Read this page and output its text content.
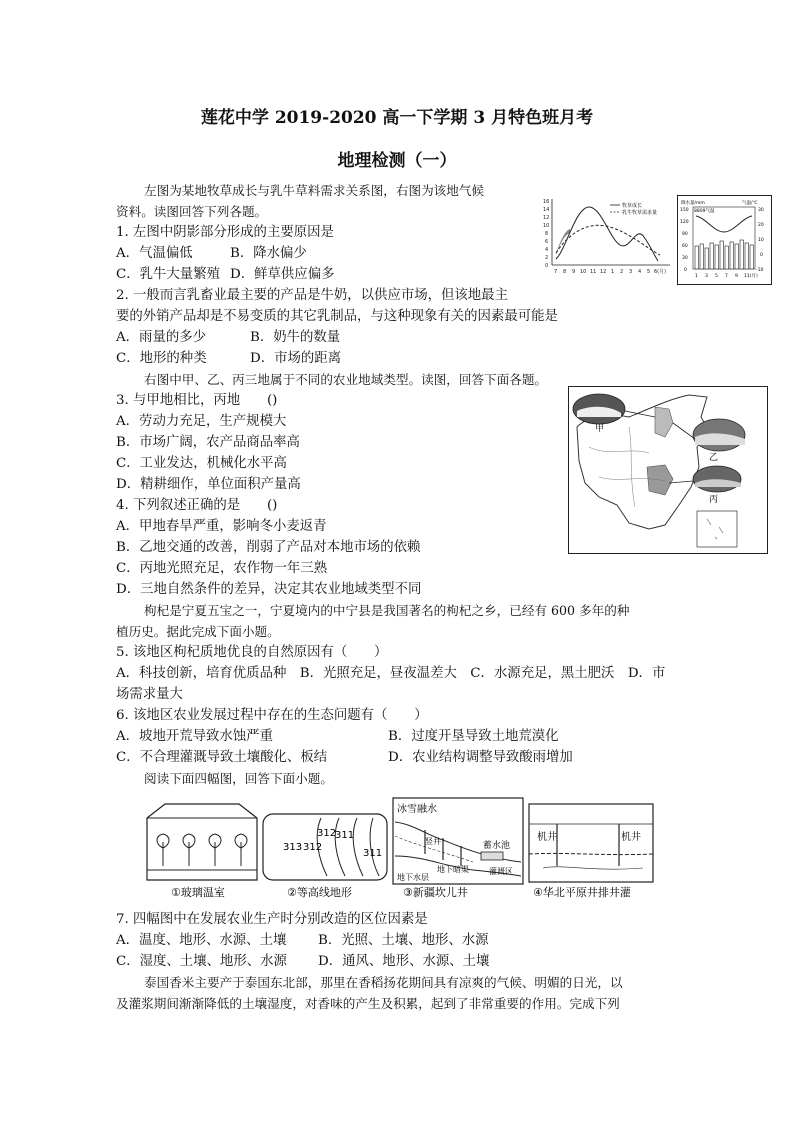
莲花中学 2019-2020 高一下学期 3 月特色班月考
地理检测（一）
左图为某地牧草成长与乳牛草料需求关系图，右图为该地气候
资料。读图回答下列各题。
1. 左图中阴影部分形成的主要原因是
A．气温偏低	B．降水偏少
C．乳牛大量繁殖 D．鲜草供应偏多
2. 一般而言乳畜业最主要的产品是牛奶，以供应市场，但该地最主
要的外销产品却是不易变质的其它乳制品，与这种现象有关的因素最可能是
A．雨量的多少	B．奶牛的数量
C．地形的种类	D．市场的距离
右图中甲、乙、丙三地属于不同的农业地域类型。读图，回答下面各题。
3. 与甲地相比，丙地　　()
A．劳动力充足，生产规模大
B．市场广阔，农产品商品率高
C．工业发达，机械化水平高
D．精耕细作，单位面积产量高
4. 下列叙述正确的是　　()
A．甲地春旱严重，影响冬小麦返青
B．乙地交通的改善，削弱了产品对本地市场的依赖
C．丙地光照充足，农作物一年三熟
D．三地自然条件的差异，决定其农业地域类型不同
枸杞是宁夏五宝之一，宁夏境内的中宁县是我国著名的枸杞之乡，已经有 600 多年的种
植历史。据此完成下面小题。
5. 该地区枸杞质地优良的自然原因有（　　）
A．科技创新，培育优质品种　B．光照充足，昼夜温差大　C．水源充足，黑土肥沃　D．市
场需求量大
6. 该地区农业发展过程中存在的生态问题有（　　）
A．坡地开荒导致水蚀严重	B．过度开垦导致土地荒漠化
C．不合理灌溉导致土壤酸化、板结	D．农业结构调整导致酸雨增加
阅读下面四幅图，回答下面小题。
7. 四幅图中在发展农业生产时分别改造的区位因素是
A．温度、地形、水源、土壤 B．光照、土壤、地形、水源
C．湿度、土壤、地形、水源 D．通风、地形、水源、土壤
泰国香米主要产于泰国东北部，那里在香稻扬花期间具有凉爽的气候、明媚的日光，以
及灌浆期间渐渐降低的土壤湿度，对香味的产生及积累，起到了非常重要的作用。完成下列
16
14
12
10
8
6
4
2
0
牧草成长
乳牛牧草需求量
7 8 9 10 11 12 1 2 3 4 5 6(月)
降水量/mm	气温/℃
8809气温
150
120
90
60
30
0
30
20
10
0
-10
1 3 5 7 9 11(月)
甲
乙
丙
①玻璃温室
313 312
312
311
311
②等高线地形
冰雪融水
竖井	蓄水池
地下暗渠	灌溉区
地下水层
③新疆坎儿井
机井	机井
④华北平原井排井灌
